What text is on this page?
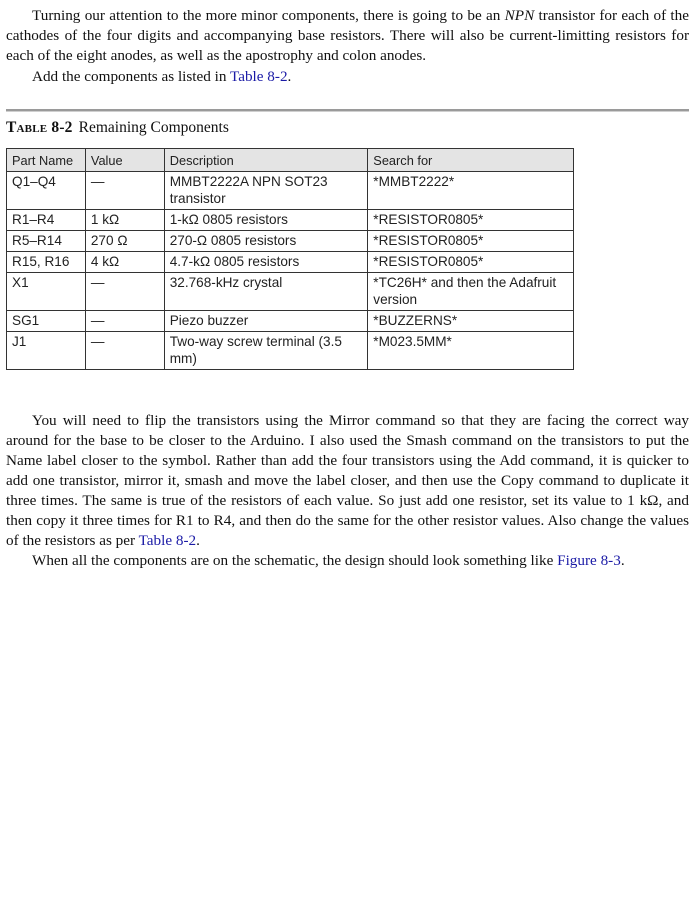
Turning our attention to the more minor components, there is going to be an NPN transistor for each of the cathodes of the four digits and accompanying base resistors. There will also be current-limitting resistors for each of the eight anodes, as well as the apostrophy and colon anodes.

Add the components as listed in Table 8-2.

Table 8-2 Remaining Components
Part Name	Value	Description	Search for
Q1–Q4	—	MMBT2222A NPN SOT23 transistor	*MMBT2222*
R1–R4	1 kΩ	1-kΩ 0805 resistors	*RESISTOR0805*
R5–R14	270 Ω	270-Ω 0805 resistors	*RESISTOR0805*
R15, R16	4 kΩ	4.7-kΩ 0805 resistors	*RESISTOR0805*
X1	—	32.768-kHz crystal	*TC26H* and then the Adafruit version
SG1	—	Piezo buzzer	*BUZZERNS*
J1	—	Two-way screw terminal (3.5 mm)	*M023.5MM*

You will need to flip the transistors using the Mirror command so that they are facing the correct way around for the base to be closer to the Arduino. I also used the Smash command on the transistors to put the Name label closer to the symbol. Rather than add the four transistors using the Add command, it is quicker to add one transistor, mirror it, smash and move the label closer, and then use the Copy command to duplicate it three times. The same is true of the resistors of each value. So just add one resistor, set its value to 1 kΩ, and then copy it three times for R1 to R4, and then do the same for the other resistor values. Also change the values of the resistors as per Table 8-2.

When all the components are on the schematic, the design should look something like Figure 8-3.
